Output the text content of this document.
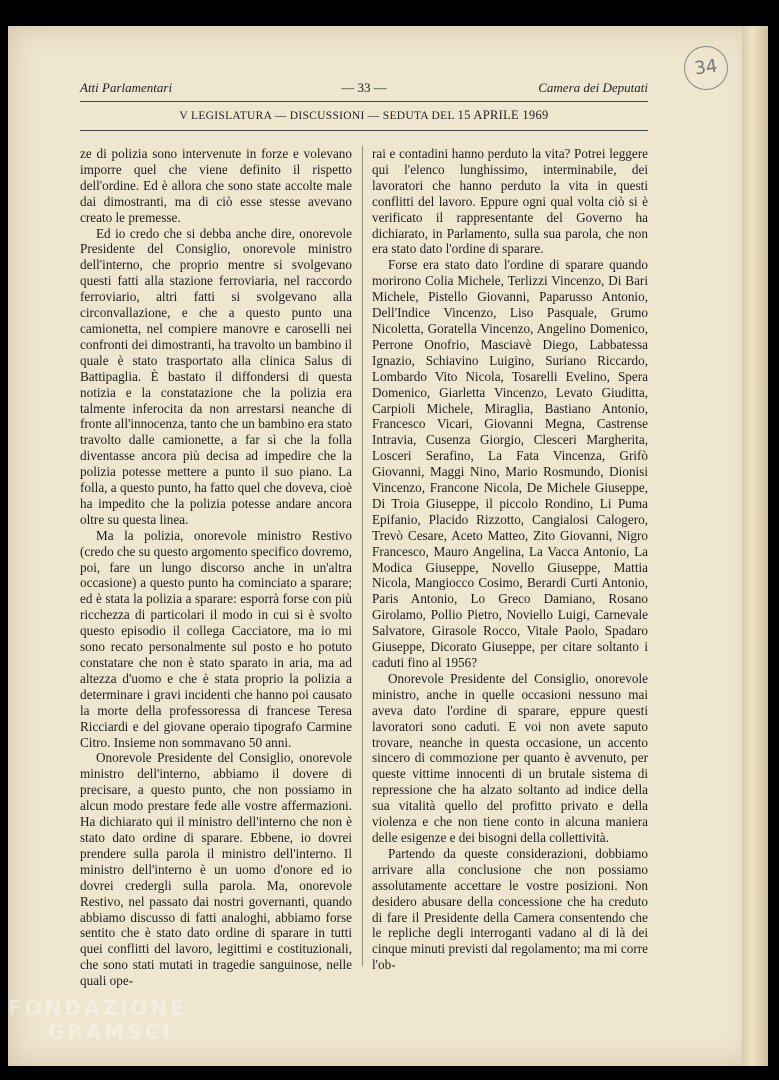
34
Atti Parlamentari	— 33 —	Camera dei Deputati
V LEGISLATURA — DISCUSSIONI — SEDUTA DEL 15 APRILE 1969

ze di polizia sono intervenute in forze e volevano imporre quel che viene definito il rispetto dell'ordine. Ed è allora che sono state accolte male dai dimostranti, ma di ciò esse stesse avevano creato le premesse.

Ed io credo che si debba anche dire, onorevole Presidente del Consiglio, onorevole ministro dell'interno, che proprio mentre si svolgevano questi fatti alla stazione ferroviaria, nel raccordo ferroviario, altri fatti si svolgevano alla circonvallazione, e che a questo punto una camionetta, nel compiere manovre e caroselli nei confronti dei dimostranti, ha travolto un bambino il quale è stato trasportato alla clinica Salus di Battipaglia. È bastato il diffondersi di questa notizia e la constatazione che la polizia era talmente inferocita da non arrestarsi neanche di fronte all'innocenza, tanto che un bambino era stato travolto dalle camionette, a far sì che la folla diventasse ancora più decisa ad impedire che la polizia potesse mettere a punto il suo piano. La folla, a questo punto, ha fatto quel che doveva, cioè ha impedito che la polizia potesse andare ancora oltre su questa linea.

Ma la polizia, onorevole ministro Restivo (credo che su questo argomento specifico dovremo, poi, fare un lungo discorso anche in un'altra occasione) a questo punto ha cominciato a sparare; ed è stata la polizia a sparare: esporrà forse con più ricchezza di particolari il modo in cui si è svolto questo episodio il collega Cacciatore, ma io mi sono recato personalmente sul posto e ho potuto constatare che non è stato sparato in aria, ma ad altezza d'uomo e che è stata proprio la polizia a determinare i gravi incidenti che hanno poi causato la morte della professoressa di francese Teresa Ricciardi e del giovane operaio tipografo Carmine Citro. Insieme non sommavano 50 anni.

Onorevole Presidente del Consiglio, onorevole ministro dell'interno, abbiamo il dovere di precisare, a questo punto, che non possiamo in alcun modo prestare fede alle vostre affermazioni. Ha dichiarato qui il ministro dell'interno che non è stato dato ordine di sparare. Ebbene, io dovrei prendere sulla parola il ministro dell'interno. Il ministro dell'interno è un uomo d'onore ed io dovrei credergli sulla parola. Ma, onorevole Restivo, nel passato dai nostri governanti, quando abbiamo discusso di fatti analoghi, abbiamo forse sentito che è stato dato ordine di sparare in tutti quei conflitti del lavoro, legittimi e costituzionali, che sono stati mutati in tragedie sanguinose, nelle quali ope-

rai e contadini hanno perduto la vita? Potrei leggere qui l'elenco lunghissimo, interminabile, dei lavoratori che hanno perduto la vita in questi conflitti del lavoro. Eppure ogni qual volta ciò si è verificato il rappresentante del Governo ha dichiarato, in Parlamento, sulla sua parola, che non era stato dato l'ordine di sparare.

Forse era stato dato l'ordine di sparare quando morirono Colia Michele, Terlizzi Vincenzo, Di Bari Michele, Pistello Giovanni, Paparusso Antonio, Dell'Indice Vincenzo, Liso Pasquale, Grumo Nicoletta, Goratella Vincenzo, Angelino Domenico, Perrone Onofrio, Masciavè Diego, Labbatessa Ignazio, Schiavino Luigino, Suriano Riccardo, Lombardo Vito Nicola, Tosarelli Evelino, Spera Domenico, Giarletta Vincenzo, Levato Giuditta, Carpioli Michele, Miraglia, Bastiano Antonio, Francesco Vicari, Giovanni Megna, Castrense Intravia, Cusenza Giorgio, Clesceri Margherita, Losceri Serafino, La Fata Vincenza, Grifò Giovanni, Maggi Nino, Mario Rosmundo, Dionisi Vincenzo, Francone Nicola, De Michele Giuseppe, Di Troia Giuseppe, il piccolo Rondino, Li Puma Epifanio, Placido Rizzotto, Cangialosi Calogero, Trevò Cesare, Aceto Matteo, Zito Giovanni, Nigro Francesco, Mauro Angelina, La Vacca Antonio, La Modica Giuseppe, Novello Giuseppe, Mattia Nicola, Mangiocco Cosimo, Berardi Curti Antonio, Paris Antonio, Lo Greco Damiano, Rosano Girolamo, Pollio Pietro, Noviello Luigi, Carnevale Salvatore, Girasole Rocco, Vitale Paolo, Spadaro Giuseppe, Dicorato Giuseppe, per citare soltanto i caduti fino al 1956?

Onorevole Presidente del Consiglio, onorevole ministro, anche in quelle occasioni nessuno mai aveva dato l'ordine di sparare, eppure questi lavoratori sono caduti. E voi non avete saputo trovare, neanche in questa occasione, un accento sincero di commozione per quanto è avvenuto, per queste vittime innocenti di un brutale sistema di repressione che ha alzato soltanto ad indice della sua vitalità quello del profitto privato e della violenza e che non tiene conto in alcuna maniera delle esigenze e dei bisogni della collettività.

Partendo da queste considerazioni, dobbiamo arrivare alla conclusione che non possiamo assolutamente accettare le vostre posizioni. Non desidero abusare della concessione che ha creduto di fare il Presidente della Camera consentendo che le repliche degli interroganti vadano al di là dei cinque minuti previsti dal regolamento; ma mi corre l'ob-

FONDAZIONE
GRAMSCI
